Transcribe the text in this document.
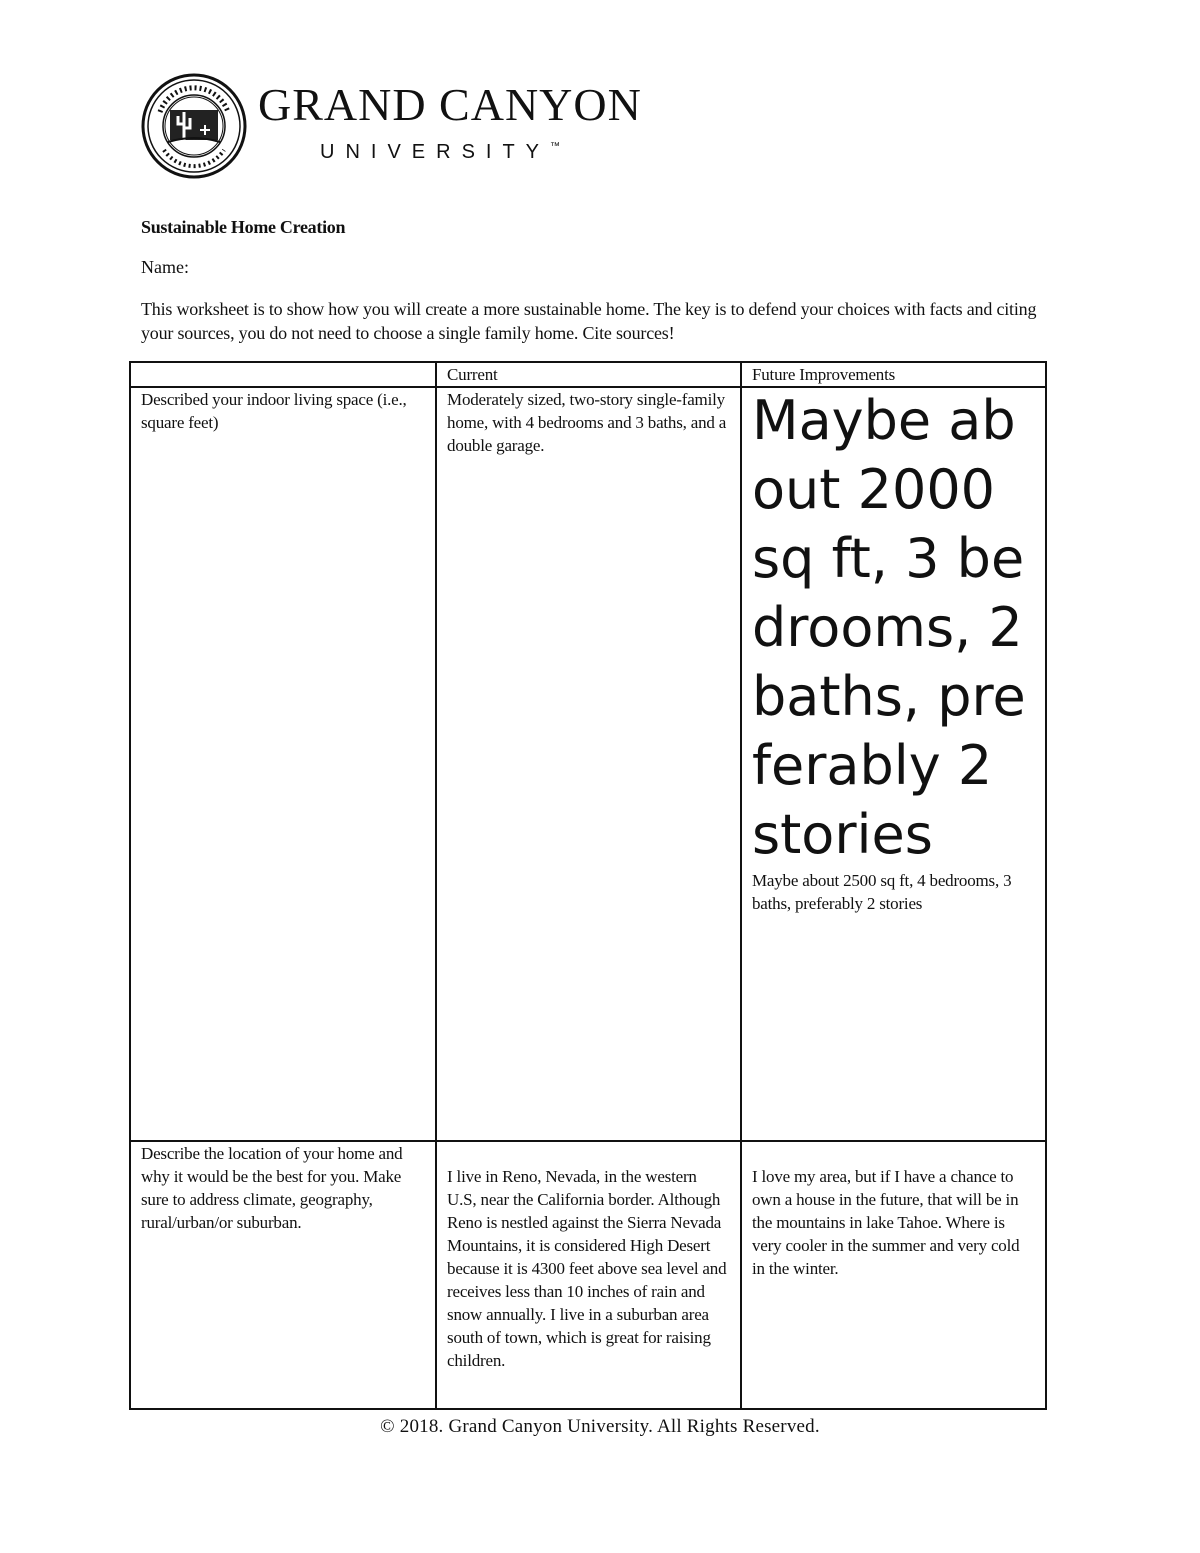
GRAND CANYON
UNIVERSITY™
Sustainable Home Creation
Name:
This worksheet is to show how you will create a more sustainable home. The key is to defend your choices with facts and citing your sources, you do not need to choose a single family home. Cite sources!
	Current	Future Improvements
Described your indoor living space (i.e., square feet)	Moderately sized, two-story single-family home, with 4 bedrooms and 3 baths, and a double garage.	Maybe about 2000 sq ft, 3 bedrooms, 2 baths, preferably 2 stories
Maybe about 2500 sq ft, 4 bedrooms, 3 baths, preferably 2 stories

Describe the location of your home and why it would be the best for you. Make sure to address climate, geography, rural/urban/or suburban.	I live in Reno, Nevada, in the western U.S, near the California border. Although Reno is nestled against the Sierra Nevada Mountains, it is considered High Desert because it is 4300 feet above sea level and receives less than 10 inches of rain and snow annually. I live in a suburban area south of town, which is great for raising children.	I love my area, but if I have a chance to own a house in the future, that will be in the mountains in lake Tahoe. Where is very cooler in the summer and very cold in the winter.
© 2018. Grand Canyon University. All Rights Reserved.
